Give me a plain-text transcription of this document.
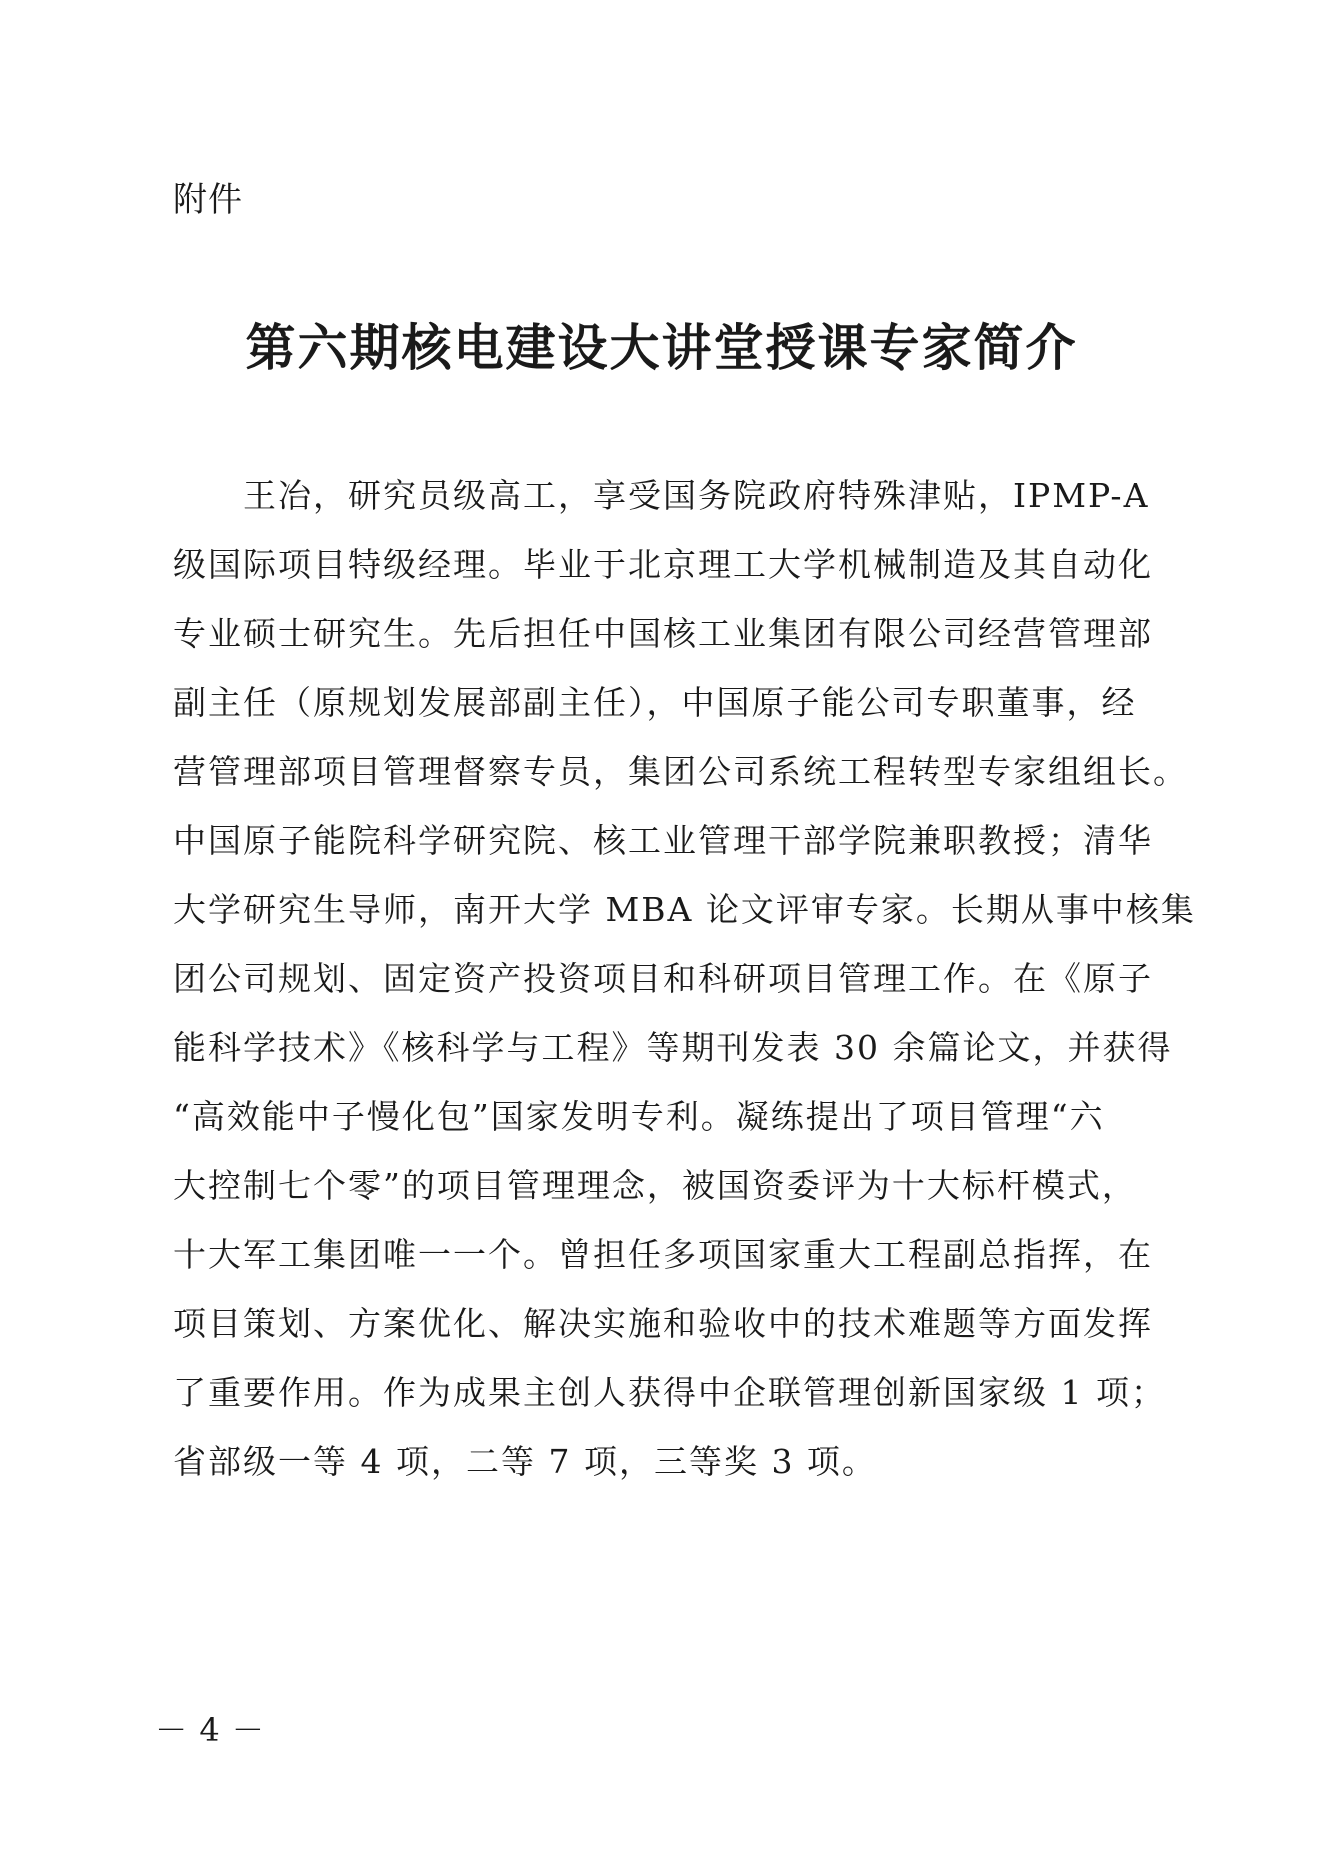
附件
第六期核电建设大讲堂授课专家简介
　　王冶，研究员级高工，享受国务院政府特殊津贴，IPMP-A
级国际项目特级经理。毕业于北京理工大学机械制造及其自动化
专业硕士研究生。先后担任中国核工业集团有限公司经营管理部
副主任（原规划发展部副主任），中国原子能公司专职董事，经
营管理部项目管理督察专员，集团公司系统工程转型专家组组长。
中国原子能院科学研究院、核工业管理干部学院兼职教授；清华
大学研究生导师，南开大学 MBA 论文评审专家。长期从事中核集
团公司规划、固定资产投资项目和科研项目管理工作。在《原子
能科学技术》《核科学与工程》等期刊发表 30 余篇论文，并获得
“高效能中子慢化包”国家发明专利。凝练提出了项目管理“六
大控制七个零”的项目管理理念，被国资委评为十大标杆模式，
十大军工集团唯一一个。曾担任多项国家重大工程副总指挥，在
项目策划、方案优化、解决实施和验收中的技术难题等方面发挥
了重要作用。作为成果主创人获得中企联管理创新国家级 1 项；
省部级一等 4 项，二等 7 项，三等奖 3 项。
－ 4 －
